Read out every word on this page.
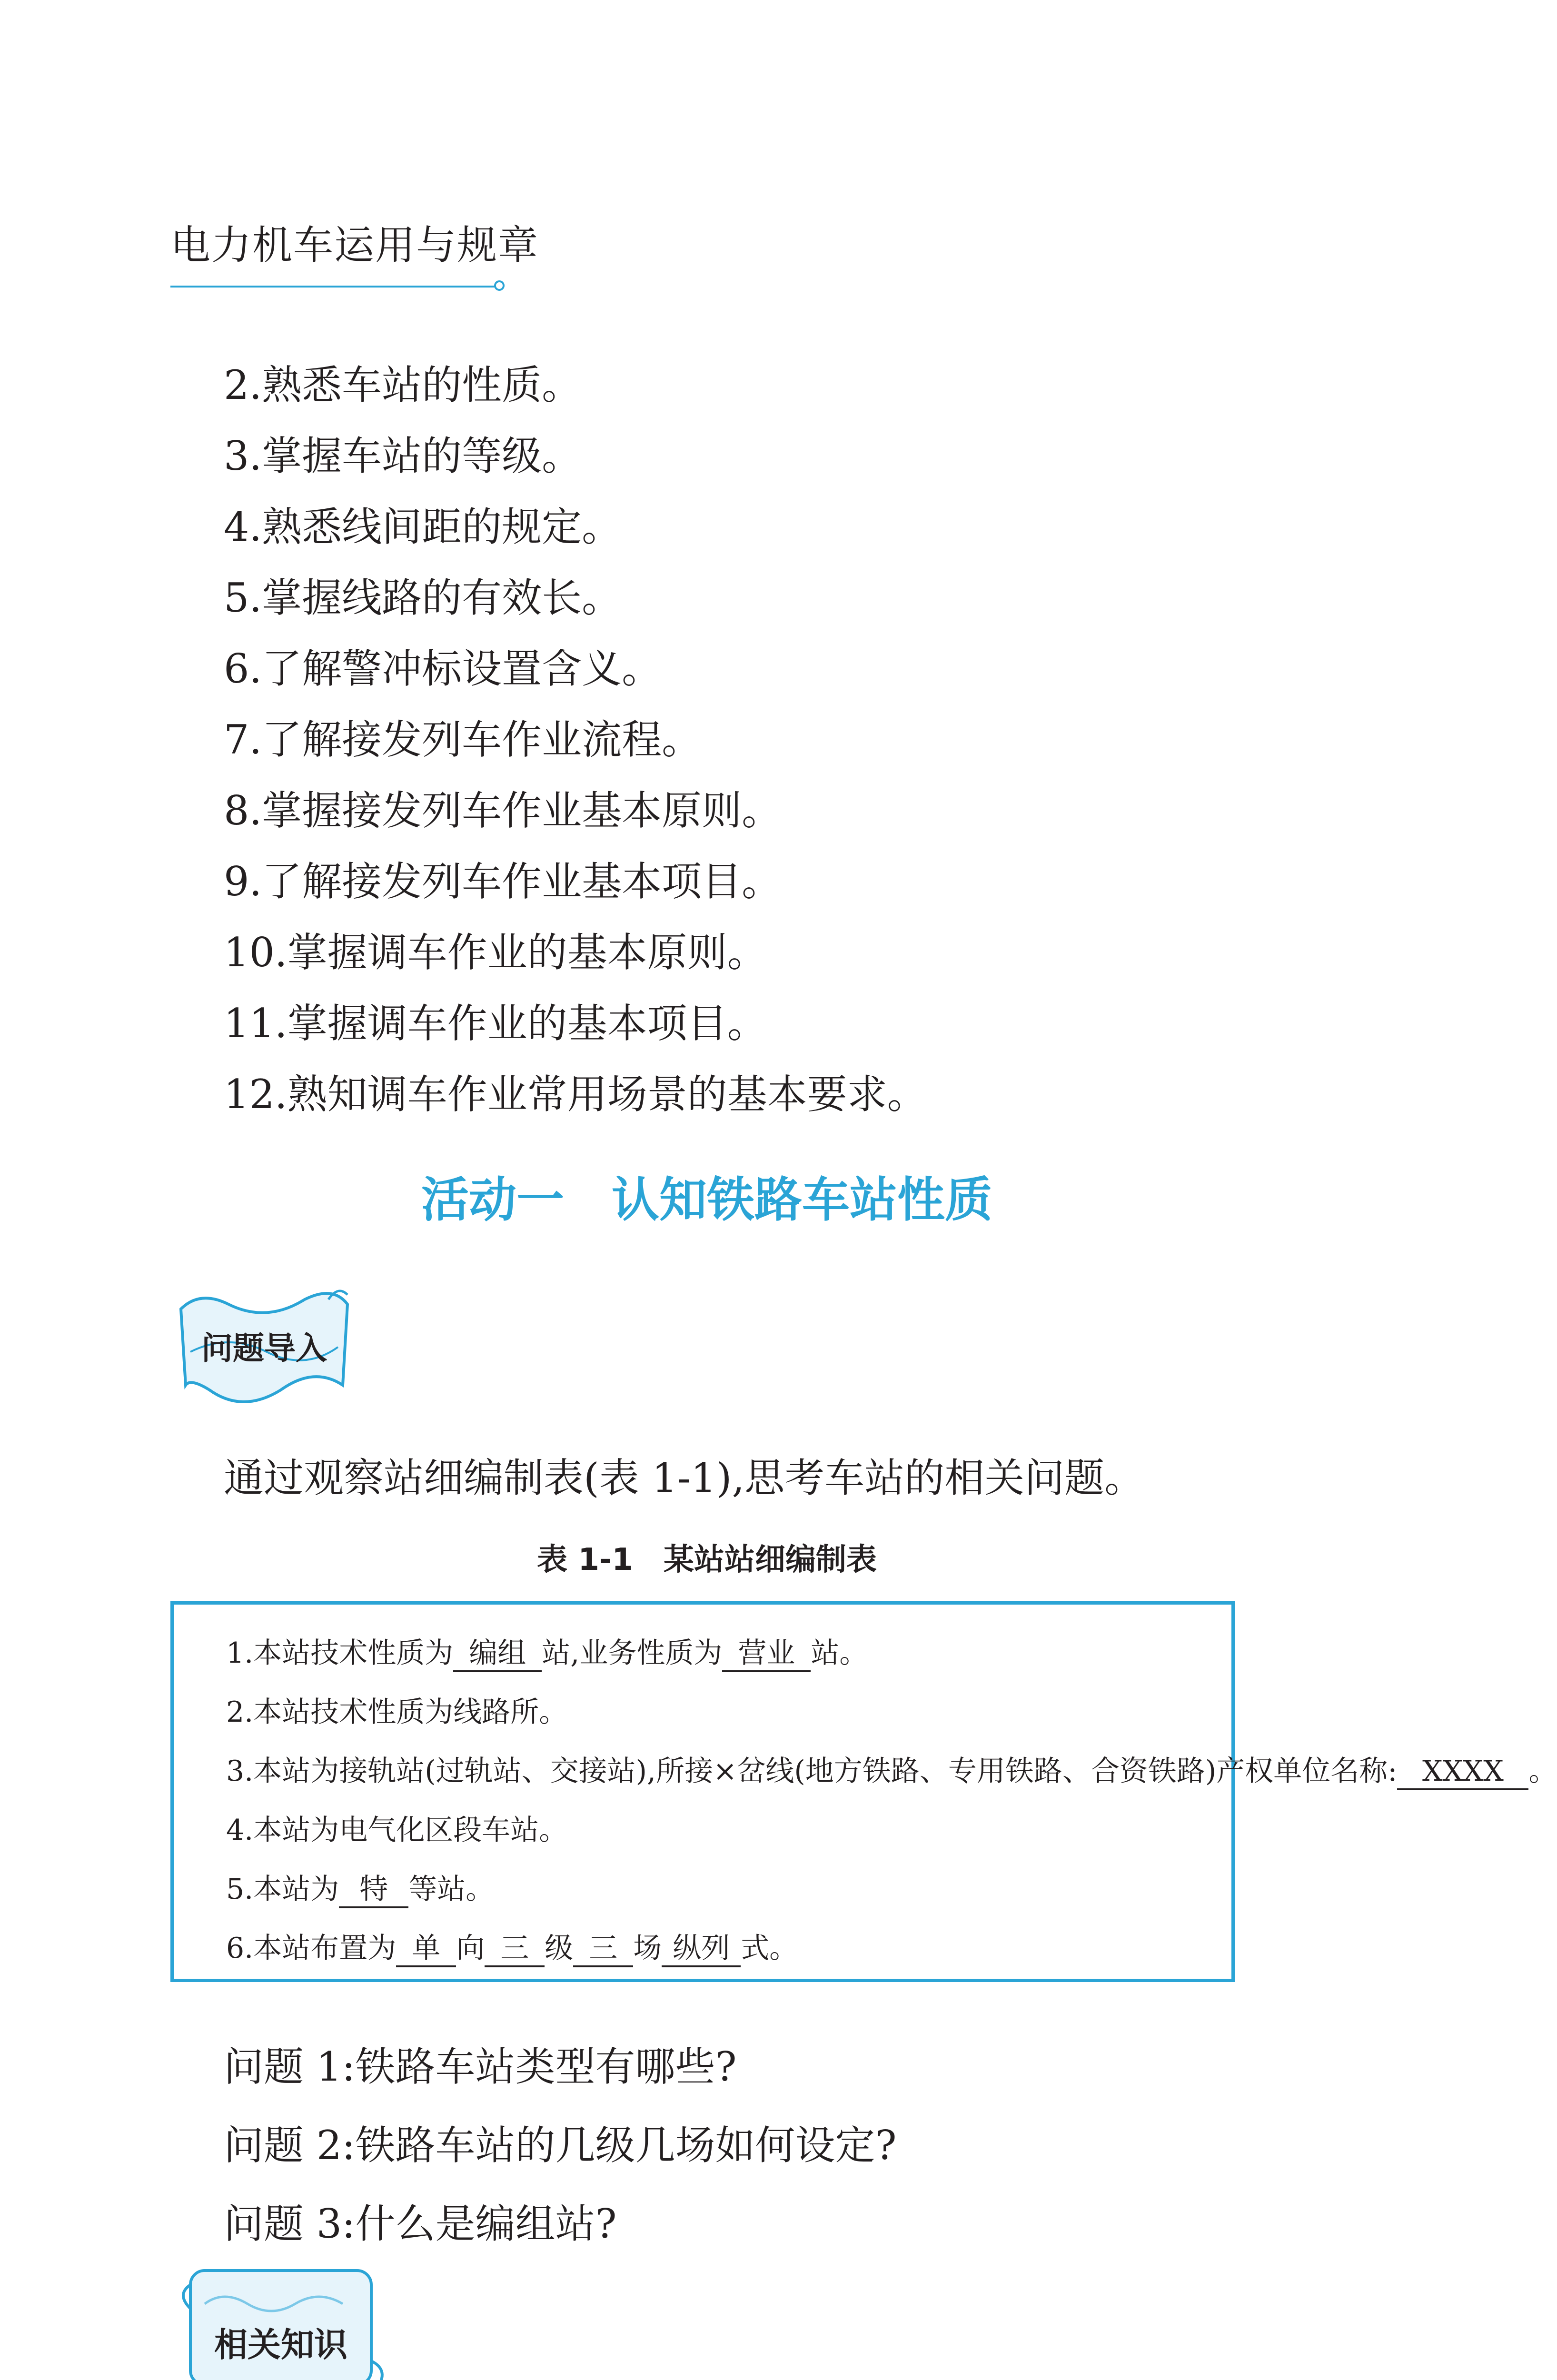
电力机车运用与规章
2.熟悉车站的性质。
3.掌握车站的等级。
4.熟悉线间距的规定。
5.掌握线路的有效长。
6.了解警冲标设置含义。
7.了解接发列车作业流程。
8.掌握接发列车作业基本原则。
9.了解接发列车作业基本项目。
10.掌握调车作业的基本原则。
11.掌握调车作业的基本项目。
12.熟知调车作业常用场景的基本要求。
活动一　认知铁路车站性质
问题导入
通过观察站细编制表(表 1-1),思考车站的相关问题。
表 1-1　某站站细编制表
1.本站技术性质为 编组 站,业务性质为 营业 站。
2.本站技术性质为线路所。
3.本站为接轨站(过轨站、交接站),所接×岔线(地方铁路、专用铁路、合资铁路)产权单位名称: XXXX 。
4.本站为电气化区段车站。
5.本站为 特 等站。
6.本站布置为 单 向 三 级 三 场 纵列 式。
问题 1:铁路车站类型有哪些?
问题 2:铁路车站的几级几场如何设定?
问题 3:什么是编组站?
相关知识
